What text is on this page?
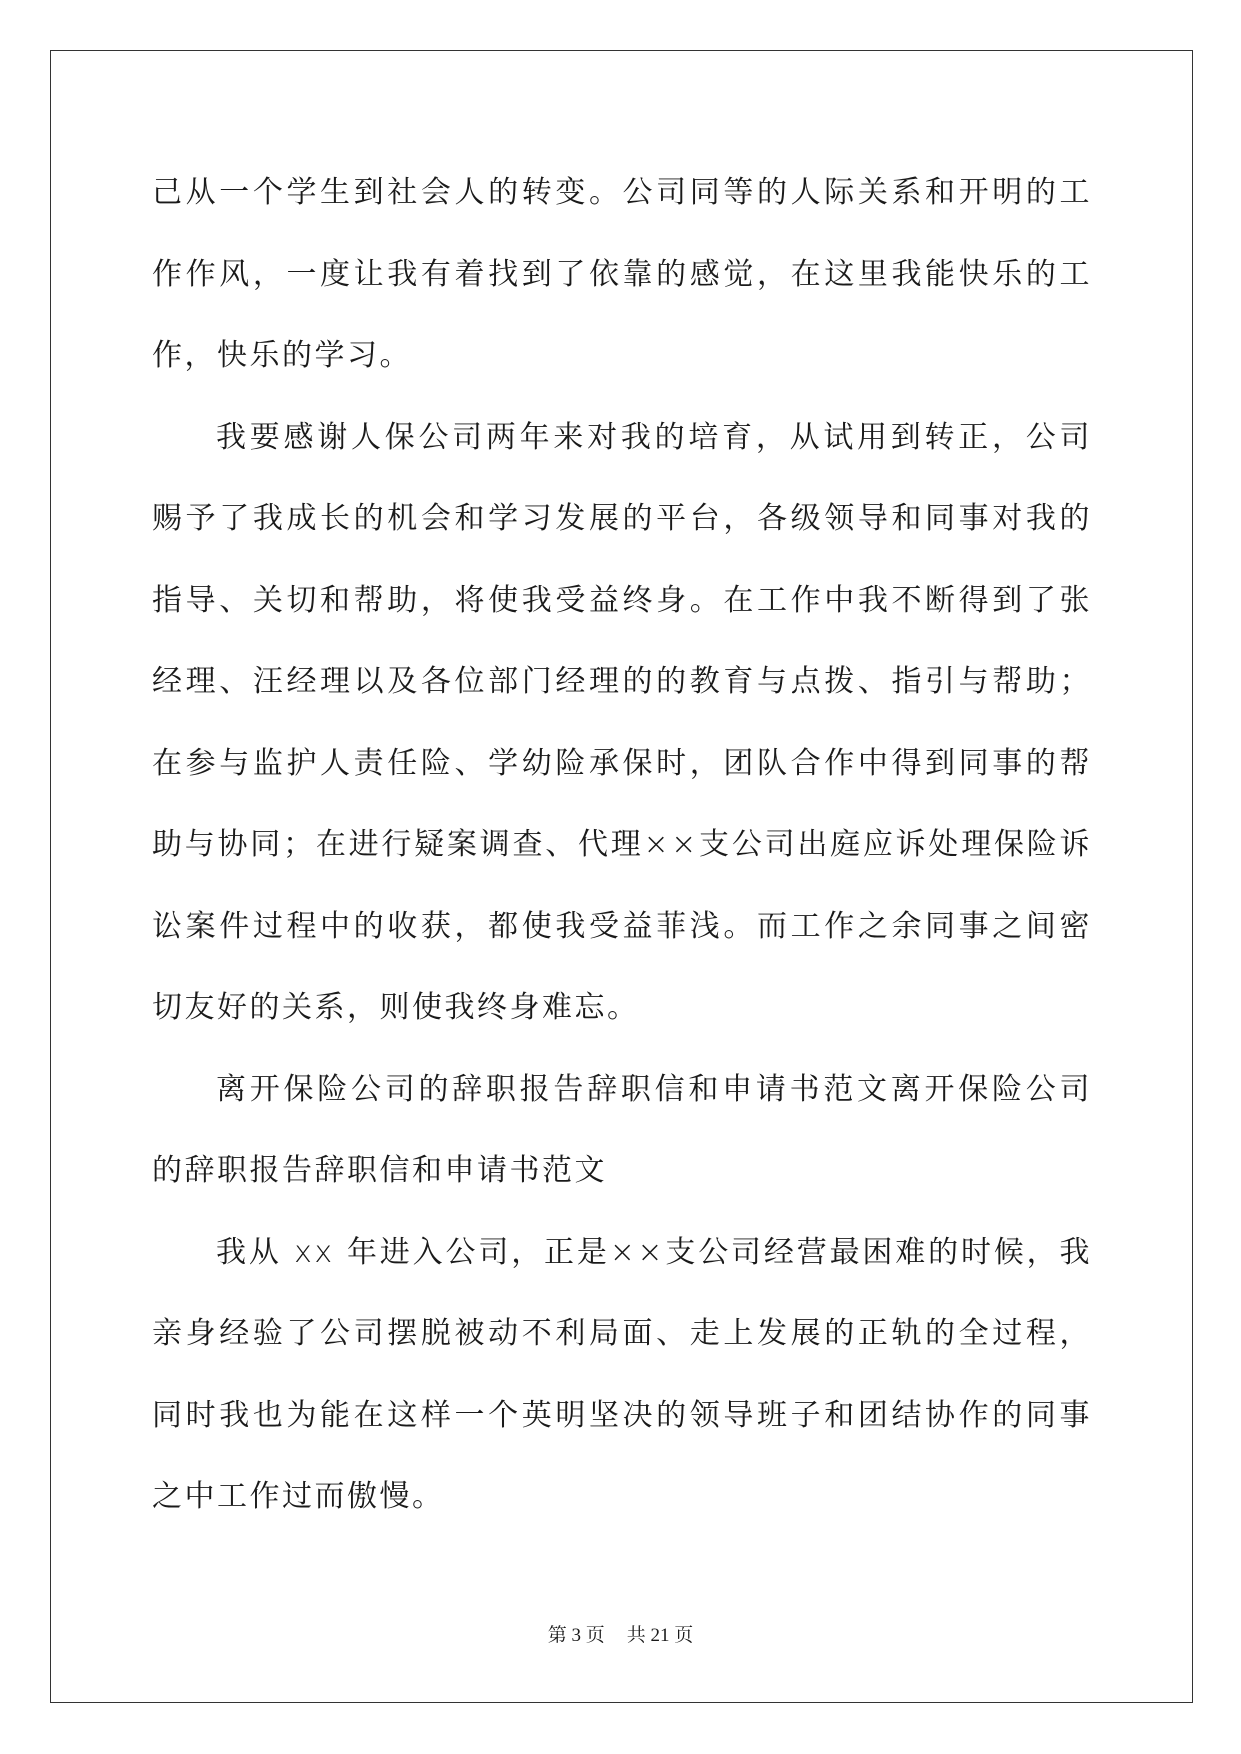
己从一个学生到社会人的转变。公司同等的人际关系和开明的工作作风，一度让我有着找到了依靠的感觉，在这里我能快乐的工作，快乐的学习。

我要感谢人保公司两年来对我的培育，从试用到转正，公司赐予了我成长的机会和学习发展的平台，各级领导和同事对我的指导、关切和帮助，将使我受益终身。在工作中我不断得到了张经理、汪经理以及各位部门经理的的教育与点拨、指引与帮助；在参与监护人责任险、学幼险承保时，团队合作中得到同事的帮助与协同；在进行疑案调查、代理××支公司出庭应诉处理保险诉讼案件过程中的收获，都使我受益菲浅。而工作之余同事之间密切友好的关系，则使我终身难忘。

离开保险公司的辞职报告辞职信和申请书范文离开保险公司的辞职报告辞职信和申请书范文

我从 xx 年进入公司，正是××支公司经营最困难的时候，我亲身经验了公司摆脱被动不利局面、走上发展的正轨的全过程，同时我也为能在这样一个英明坚决的领导班子和团结协作的同事之中工作过而傲慢。

第 3 页 共 21 页
